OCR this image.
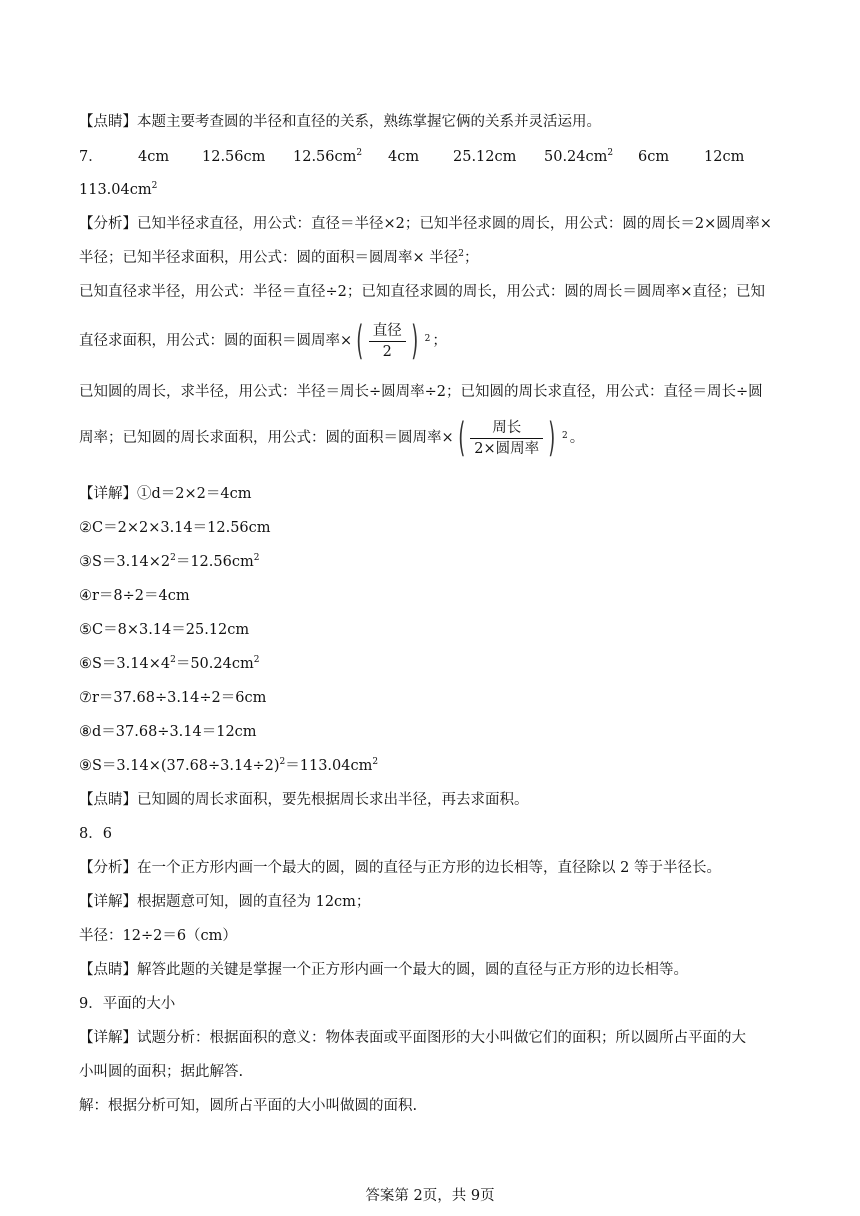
【点睛】本题主要考查圆的半径和直径的关系，熟练掌握它俩的关系并灵活运用。
7． 4cm 12.56cm $12.56cm^2$ 4cm 25.12cm $50.24cm^2$ 6cm 12cm
$113.04cm^2$
【分析】已知半径求直径，用公式：直径＝半径×2；已知半径求圆的周长，用公式：圆的周长＝2×圆周率×
半径；已知半径求面积，用公式：圆的面积＝圆周率× 半径$^2$；
已知直径求半径，用公式：半径＝直径÷2；已知直径求圆的周长，用公式：圆的周长＝圆周率×直径；已知
直径求面积，用公式：圆的面积＝圆周率× ( $\frac{\text{直径}}{2}$ ) 2 ；
已知圆的周长，求半径，用公式：半径＝周长÷圆周率÷2；已知圆的周长求直径，用公式：直径＝周长÷圆
周率；已知圆的周长求面积，用公式：圆的面积＝圆周率× ( $\frac{\text{周长}}{\text{2×圆周率}}$ ) 2 。
【详解】①d＝2×2＝4cm
②C＝2×2×3.14＝12.56cm
$③S=3.14\times 2^2=12.56cm^2$
④r＝8÷2＝4cm
⑤C＝8×3.14＝25.12cm
$⑥S=3.14\times 4^2=50.24cm^2$
⑦r＝37.68÷3.14÷2＝6cm
⑧d＝37.68÷3.14＝12cm
$⑨S=3.14\times(37.68\div 3.14\div 2)^2=113.04cm^2$
【点睛】已知圆的周长求面积，要先根据周长求出半径，再去求面积。
8．6
【分析】在一个正方形内画一个最大的圆，圆的直径与正方形的边长相等，直径除以 2 等于半径长。
【详解】根据题意可知，圆的直径为 12cm；
半径：12÷2＝6（cm）
【点睛】解答此题的关键是掌握一个正方形内画一个最大的圆，圆的直径与正方形的边长相等。
9．平面的大小
【详解】试题分析：根据面积的意义：物体表面或平面图形的大小叫做它们的面积；所以圆所占平面的大
小叫圆的面积；据此解答.
解：根据分析可知，圆所占平面的大小叫做圆的面积.
答案第 2页，共 9页
